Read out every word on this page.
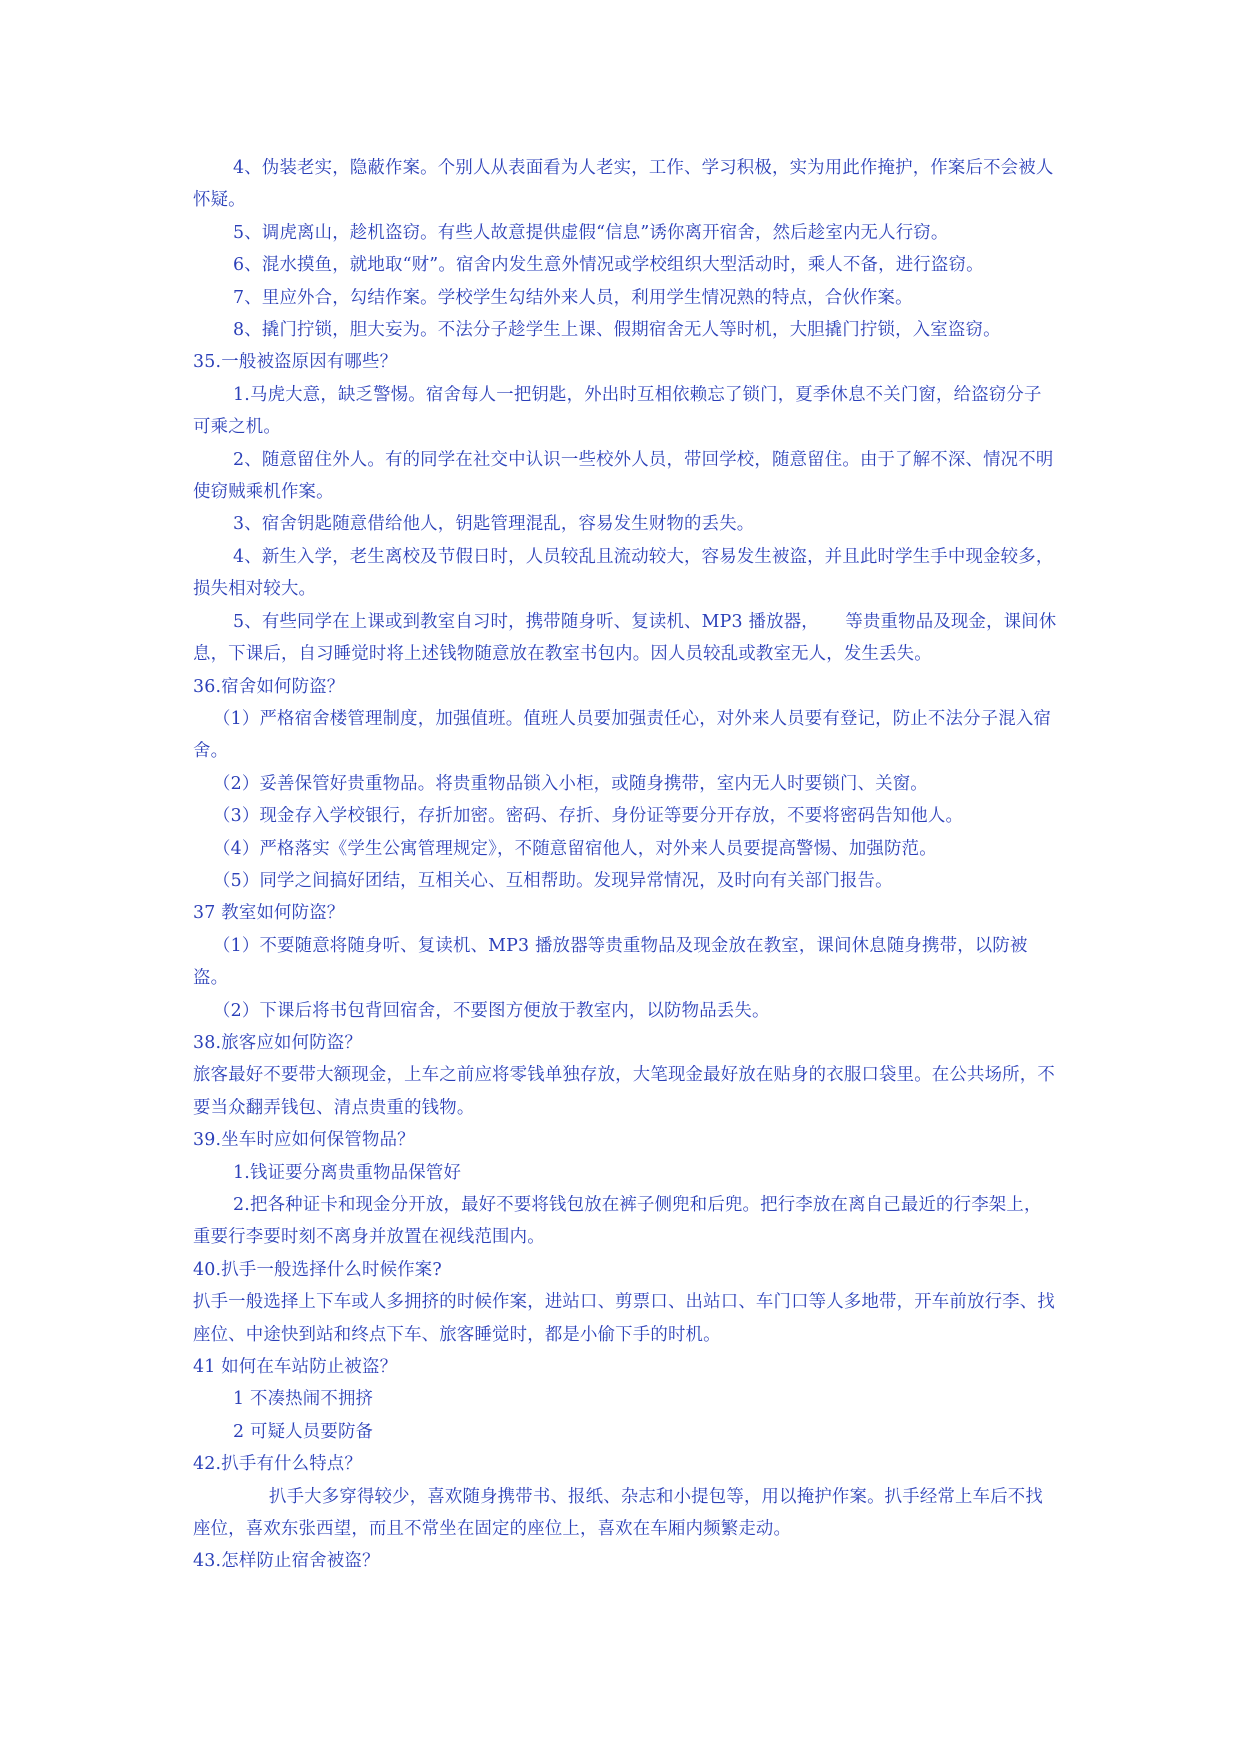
4、伪装老实，隐蔽作案。个别人从表面看为人老实，工作、学习积极，实为用此作掩护，作案后不会被人怀疑。

5、调虎离山，趁机盗窃。有些人故意提供虚假“信息”诱你离开宿舍，然后趁室内无人行窃。

6、混水摸鱼，就地取“财”。宿舍内发生意外情况或学校组织大型活动时，乘人不备，进行盗窃。

7、里应外合，勾结作案。学校学生勾结外来人员，利用学生情况熟的特点，合伙作案。

8、撬门拧锁，胆大妄为。不法分子趁学生上课、假期宿舍无人等时机，大胆撬门拧锁，入室盗窃。

35.一般被盗原因有哪些？

1.马虎大意，缺乏警惕。宿舍每人一把钥匙，外出时互相依赖忘了锁门，夏季休息不关门窗，给盗窃分子可乘之机。

2、随意留住外人。有的同学在社交中认识一些校外人员，带回学校，随意留住。由于了解不深、情况不明使窃贼乘机作案。

3、宿舍钥匙随意借给他人，钥匙管理混乱，容易发生财物的丢失。

4、新生入学，老生离校及节假日时，人员较乱且流动较大，容易发生被盗，并且此时学生手中现金较多，损失相对较大。

5、有些同学在上课或到教室自习时，携带随身听、复读机、MP3 播放器，　　等贵重物品及现金，课间休息，下课后，自习睡觉时将上述钱物随意放在教室书包内。因人员较乱或教室无人，发生丢失。

36.宿舍如何防盗？

（1）严格宿舍楼管理制度，加强值班。值班人员要加强责任心，对外来人员要有登记，防止不法分子混入宿舍。

（2）妥善保管好贵重物品。将贵重物品锁入小柜，或随身携带，室内无人时要锁门、关窗。

（3）现金存入学校银行，存折加密。密码、存折、身份证等要分开存放，不要将密码告知他人。

（4）严格落实《学生公寓管理规定》，不随意留宿他人，对外来人员要提高警惕、加强防范。

（5）同学之间搞好团结，互相关心、互相帮助。发现异常情况，及时向有关部门报告。

37 教室如何防盗？

（1）不要随意将随身听、复读机、MP3 播放器等贵重物品及现金放在教室，课间休息随身携带，以防被盗。

（2）下课后将书包背回宿舍，不要图方便放于教室内，以防物品丢失。

38.旅客应如何防盗？

旅客最好不要带大额现金，上车之前应将零钱单独存放，大笔现金最好放在贴身的衣服口袋里。在公共场所，不要当众翻弄钱包、清点贵重的钱物。

39.坐车时应如何保管物品？

1.钱证要分离贵重物品保管好

2.把各种证卡和现金分开放，最好不要将钱包放在裤子侧兜和后兜。把行李放在离自己最近的行李架上，重要行李要时刻不离身并放置在视线范围内。

40.扒手一般选择什么时候作案?

扒手一般选择上下车或人多拥挤的时候作案，进站口、剪票口、出站口、车门口等人多地带，开车前放行李、找座位、中途快到站和终点下车、旅客睡觉时，都是小偷下手的时机。

41 如何在车站防止被盗？

1 不凑热闹不拥挤

2 可疑人员要防备

42.扒手有什么特点？

扒手大多穿得较少，喜欢随身携带书、报纸、杂志和小提包等，用以掩护作案。扒手经常上车后不找座位，喜欢东张西望，而且不常坐在固定的座位上，喜欢在车厢内频繁走动。

43.怎样防止宿舍被盗？
